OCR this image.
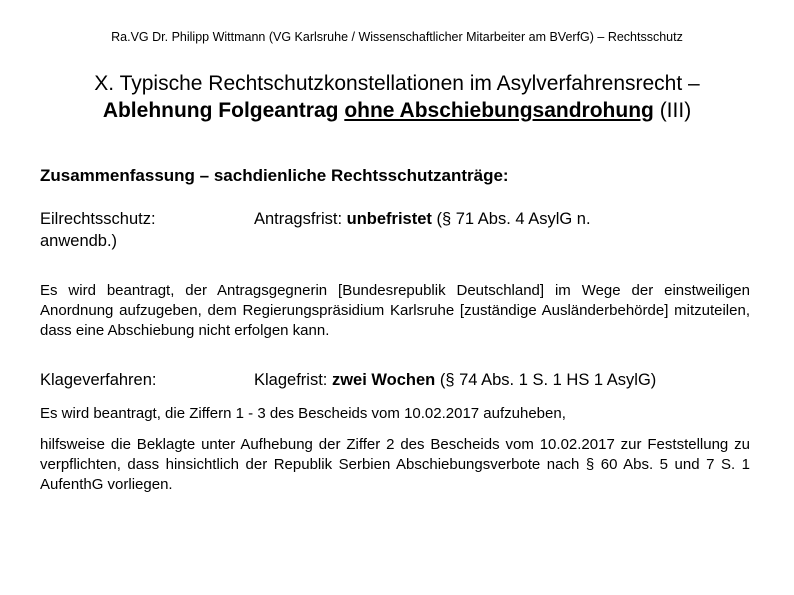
Ra.VG Dr. Philipp Wittmann (VG Karlsruhe / Wissenschaftlicher Mitarbeiter am BVerfG) – Rechtsschutz
X. Typische Rechtschutzkonstellationen im Asylverfahrensrecht –
Ablehnung Folgeantrag ohne Abschiebungsandrohung (III)
Zusammenfassung – sachdienliche Rechtsschutzanträge:
Eilrechtsschutz:
anwendb.)
Antragsfrist: unbefristet (§ 71 Abs. 4 AsylG n.
Es wird beantragt, der Antragsgegnerin [Bundesrepublik Deutschland] im Wege der einstweiligen Anordnung aufzugeben, dem Regierungspräsidium Karlsruhe [zuständige Ausländerbehörde] mitzuteilen, dass eine Abschiebung nicht erfolgen kann.
Klageverfahren:	Klagefrist: zwei Wochen (§ 74 Abs. 1 S. 1 HS 1 AsylG)
Es wird beantragt, die Ziffern 1 - 3 des Bescheids vom 10.02.2017 aufzuheben,
hilfsweise die Beklagte unter Aufhebung der Ziffer 2 des Bescheids vom 10.02.2017 zur Feststellung zu verpflichten, dass hinsichtlich der Republik Serbien Abschiebungsverbote nach § 60 Abs. 5 und 7 S. 1 AufenthG vorliegen.
